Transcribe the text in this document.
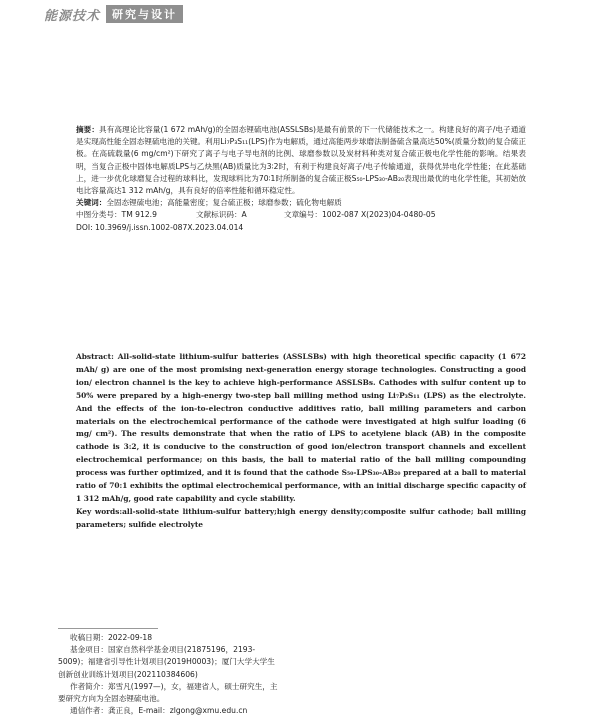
能源技术	研究与设计

摘要：具有高理论比容量(1 672 mAh/g)的全固态锂硫电池(ASSLSBs)是最有前景的下一代储能技术之一。构建良好的离子/电子通道是实现高性能全固态锂硫电池的关键。利用Li₇P₃S₁₁(LPS)作为电解质，通过高能两步球磨法制备硫含量高达50%(质量分数)的复合硫正极。在高硫载量(6 mg/cm²)下研究了离子与电子导电剂的比例、球磨参数以及炭材料种类对复合硫正极电化学性能的影响。结果表明，当复合正极中固体电解质LPS与乙炔黑(AB)质量比为3∶2时，有利于构建良好离子/电子传输通道，获得优异电化学性能；在此基础上，进一步优化球磨复合过程的球料比，发现球料比为70∶1时所制备的复合硫正极S₅₀-LPS₃₀-AB₂₀表现出最优的电化学性能，其初始放电比容量高达1 312 mAh/g，具有良好的倍率性能和循环稳定性。

关键词：全固态锂硫电池；高能量密度；复合硫正极；球磨参数；硫化物电解质

中图分类号：TM 912.9	文献标识码：A	文章编号：1002-087 X(2023)04-0480-05

DOI: 10.3969/j.issn.1002-087X.2023.04.014

Abstract: All-solid-state lithium-sulfur batteries (ASSLSBs) with high theoretical specific capacity (1 672 mAh/ g) are one of the most promising next-generation energy storage technologies. Constructing a good ion/ electron channel is the key to achieve high-performance ASSLSBs. Cathodes with sulfur content up to 50% were prepared by a high-energy two-step ball milling method using Li₇P₃S₁₁ (LPS) as the electrolyte. And the effects of the ion-to-electron conductive additives ratio, ball milling parameters and carbon materials on the electrochemical performance of the cathode were investigated at high sulfur loading (6 mg/ cm²). The results demonstrate that when the ratio of LPS to acetylene black (AB) in the composite cathode is 3:2, it is conducive to the construction of good ion/electron transport channels and excellent electrochemical performance; on this basis, the ball to material ratio of the ball milling compounding process was further optimized, and it is found that the cathode S₅₀-LPS₃₀-AB₂₀ prepared at a ball to material ratio of 70:1 exhibits the optimal electrochemical performance, with an initial discharge specific capacity of 1 312 mAh/g, good rate capability and cycle stability.

Key words:all-solid-state lithium-sulfur battery;high energy density;composite sulfur cathode; ball milling parameters; sulfide electrolyte

收稿日期：2022-09-18

基金项目：国家自然科学基金项目(21875196，2193-

5009)；福建省引导性计划项目(2019H0003)；厦门大学大学生

创新创业训练计划项目(202110384606)

作者简介：郑雪凡(1997—)，女，福建省人，硕士研究生，主

要研究方向为全固态锂硫电池。

通信作者：龚正良，E-mail：zlgong@xmu.edu.cn
